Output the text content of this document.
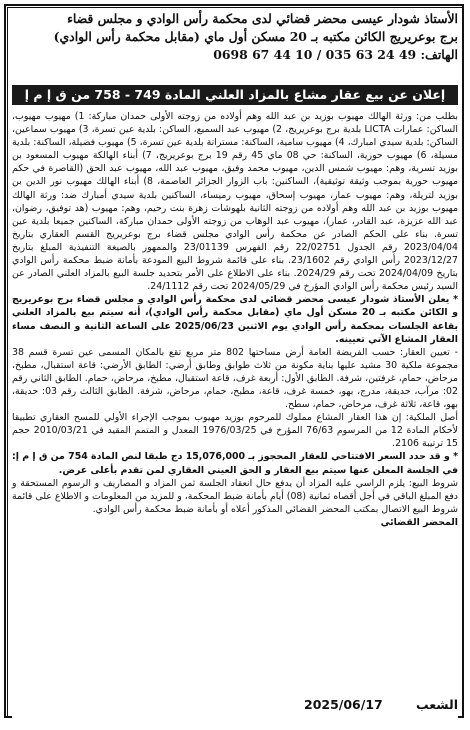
الأستاذ شودار عيسى محضر قضائي لدى محكمة رأس الوادي و مجلس قضاء
برج بوعريريج الكائن مكتبه بـ 20 مسكن أول ماي (مقابل محكمة رأس الوادي)
الهاتف: 0698 67 44 10 / 035 63 24 49
إعلان عن بيع عقار مشاع بالمزاد العلني المادة 749 - 758 من ق إ م إ

بطلب من: ورثة الهالك مهيوب بوزيد بن عبد الله وهم أولاده من زوجته الأولى حمدان مباركة: 1) مهيوب مهيوب، الساكن: عمارات LICTA بلدية برج بوعريريج، 2) مهيوب عبد السميع، الساكن: بلدية عين تسرة، 3) مهيوب سماعين، الساكن: بلدية سيدي امبارك، 4) مهيوب سامية، الساكنة: مستراتة بلدية عين تسرة، 5) مهيوب فضيلة، الساكنة: بلدية مسيلة، 6) مهيوب حورية، الساكنة: حي 08 ماي 45 رقم 19 برج بوعريريج، 7) أبناء الهالكة مهيوب المسعود بن بوزيد تسرية، وهم: مهيوب شمس الدين، مهيوب محمد وفيق، مهيوب عبد الله، مهيوب عبد الحق (القاصرة في حكم مهيوب حورية بموجب وثيقة توثيقية)، الساكنين: باب الزوار الجزائر العاصمة، 8) أبناء الهالك مهيوب نور الدين بن بوزيد لتريلة، وهم: مهيوب عمار، مهيوب إسحاق، مهيوب رميساء، الساكنين بلدية سيدي أمبارك ضد: ورثة الهالك مهيوب بوزيد بن عبد الله وهم أولاده من زوجته الثانية بلهوشات زهرة بنت رحيم، وهم: مهيوب (هد توفيق، رضوان، عبد الله عزيزة، عبد القادر، عمار)، مهيوب عبد الوهاب من زوجته الأولى حمدان مباركة، الساكنين جميعا بلدية عين تسرة. بناء على الحكم الصادر عن محكمة رأس الوادي مجلس قضاء برج بوعريريج القسم العقاري بتاريخ 2023/04/04 رقم الجدول 22/02751 رقم الفهرس 23/01139 والممهور بالصيغة التنفيذية المبلغ بتاريخ 2023/12/27 رأس الوادي رقم 23/1602. بناء على قائمة شروط البيع المودعة بأمانة ضبط محكمة رأس الوادي بتاريخ 2024/04/09 تحت رقم 2024/29. بناء على الاطلاع على الأمر بتحديد جلسة البيع بالمزاد العلني الصادر عن السيد رئيس محكمة رأس الوادي المؤرخ في 2024/05/29 تحت رقم 24/1112.

* يعلن الأستاذ شودار عيسى محضر قضائي لدى محكمة رأس الوادي و مجلس قضاء برج بوعريريج و الكائن مكتبه بـ 20 مسكن أول ماي (مقابل محكمة رأس الوادي)، أنه سيتم بيع بالمزاد العلني بقاعة الجلسات بمحكمة رأس الوادي يوم الاثنين 2025/06/23 على الساعة الثانية و النصف مساء العقار المشاع الآتي تعيينه.

- تعيين العقار: حسب الفريضة العامة أرض مساحتها 802 متر مربع تقع بالمكان المسمى عين تسرة قسم 38 مجموعة ملكية 30 مشيد عليها بناية مكونة من ثلاث طوابق وطابق أرضي: الطابق الأرضي: قاعة استقبال، مطبخ، مرحاض، حمام، غرفتين، شرفة. الطابق الأول: أربعة غرف، قاعة استقبال، مطبخ، مرحاض، حمام. الطابق الثاني رقم 02: مرآب، حديقة، مدرج، بهو، خمسة غرف، قاعة، مطبخ، حمام، مرحاض، شرفة. الطابق الثالث رقم 03: حديقة، بهو، قاعة، ثلاثة غرف، مرحاض، حمام، سطح.

أصل الملكية: إن هذا العقار المشاع مملوك للمرحوم بوزيد مهيوب بموجب الإجراء الأولي للمسح العقاري تطبيقا لأحكام المادة 12 من المرسوم 76/63 المؤرخ في 1976/03/25 المعدل و المتمم المقيد في 2010/03/21 حجم 15 ترتيبة 2106.

* و قد حدد السعر الافتتاحي للعقار المحجوز بـ 15,076,000 دج طبقا لنص المادة 754 من ق إ م إ: في الجلسة المعلن عنها سيتم بيع العقار و الحق العيني العقاري لمن تقدم بأعلى عرض.

شروط البيع: يلزم الراسي عليه المزاد أن يدفع حال انعقاد الجلسة ثمن المزاد و المصاريف و الرسوم المستحقة و دفع المبلغ الباقي في أجل أقصاه ثمانية (08) أيام بأمانة ضبط المحكمة، و للمزيد من المعلومات و الاطلاع على قائمة شروط البيع الاتصال بمكتب المحضر القضائي المذكور أعلاه أو بأمانة ضبط محكمة رأس الوادي.

المحضر القضائي

2025/06/17	الشعب
